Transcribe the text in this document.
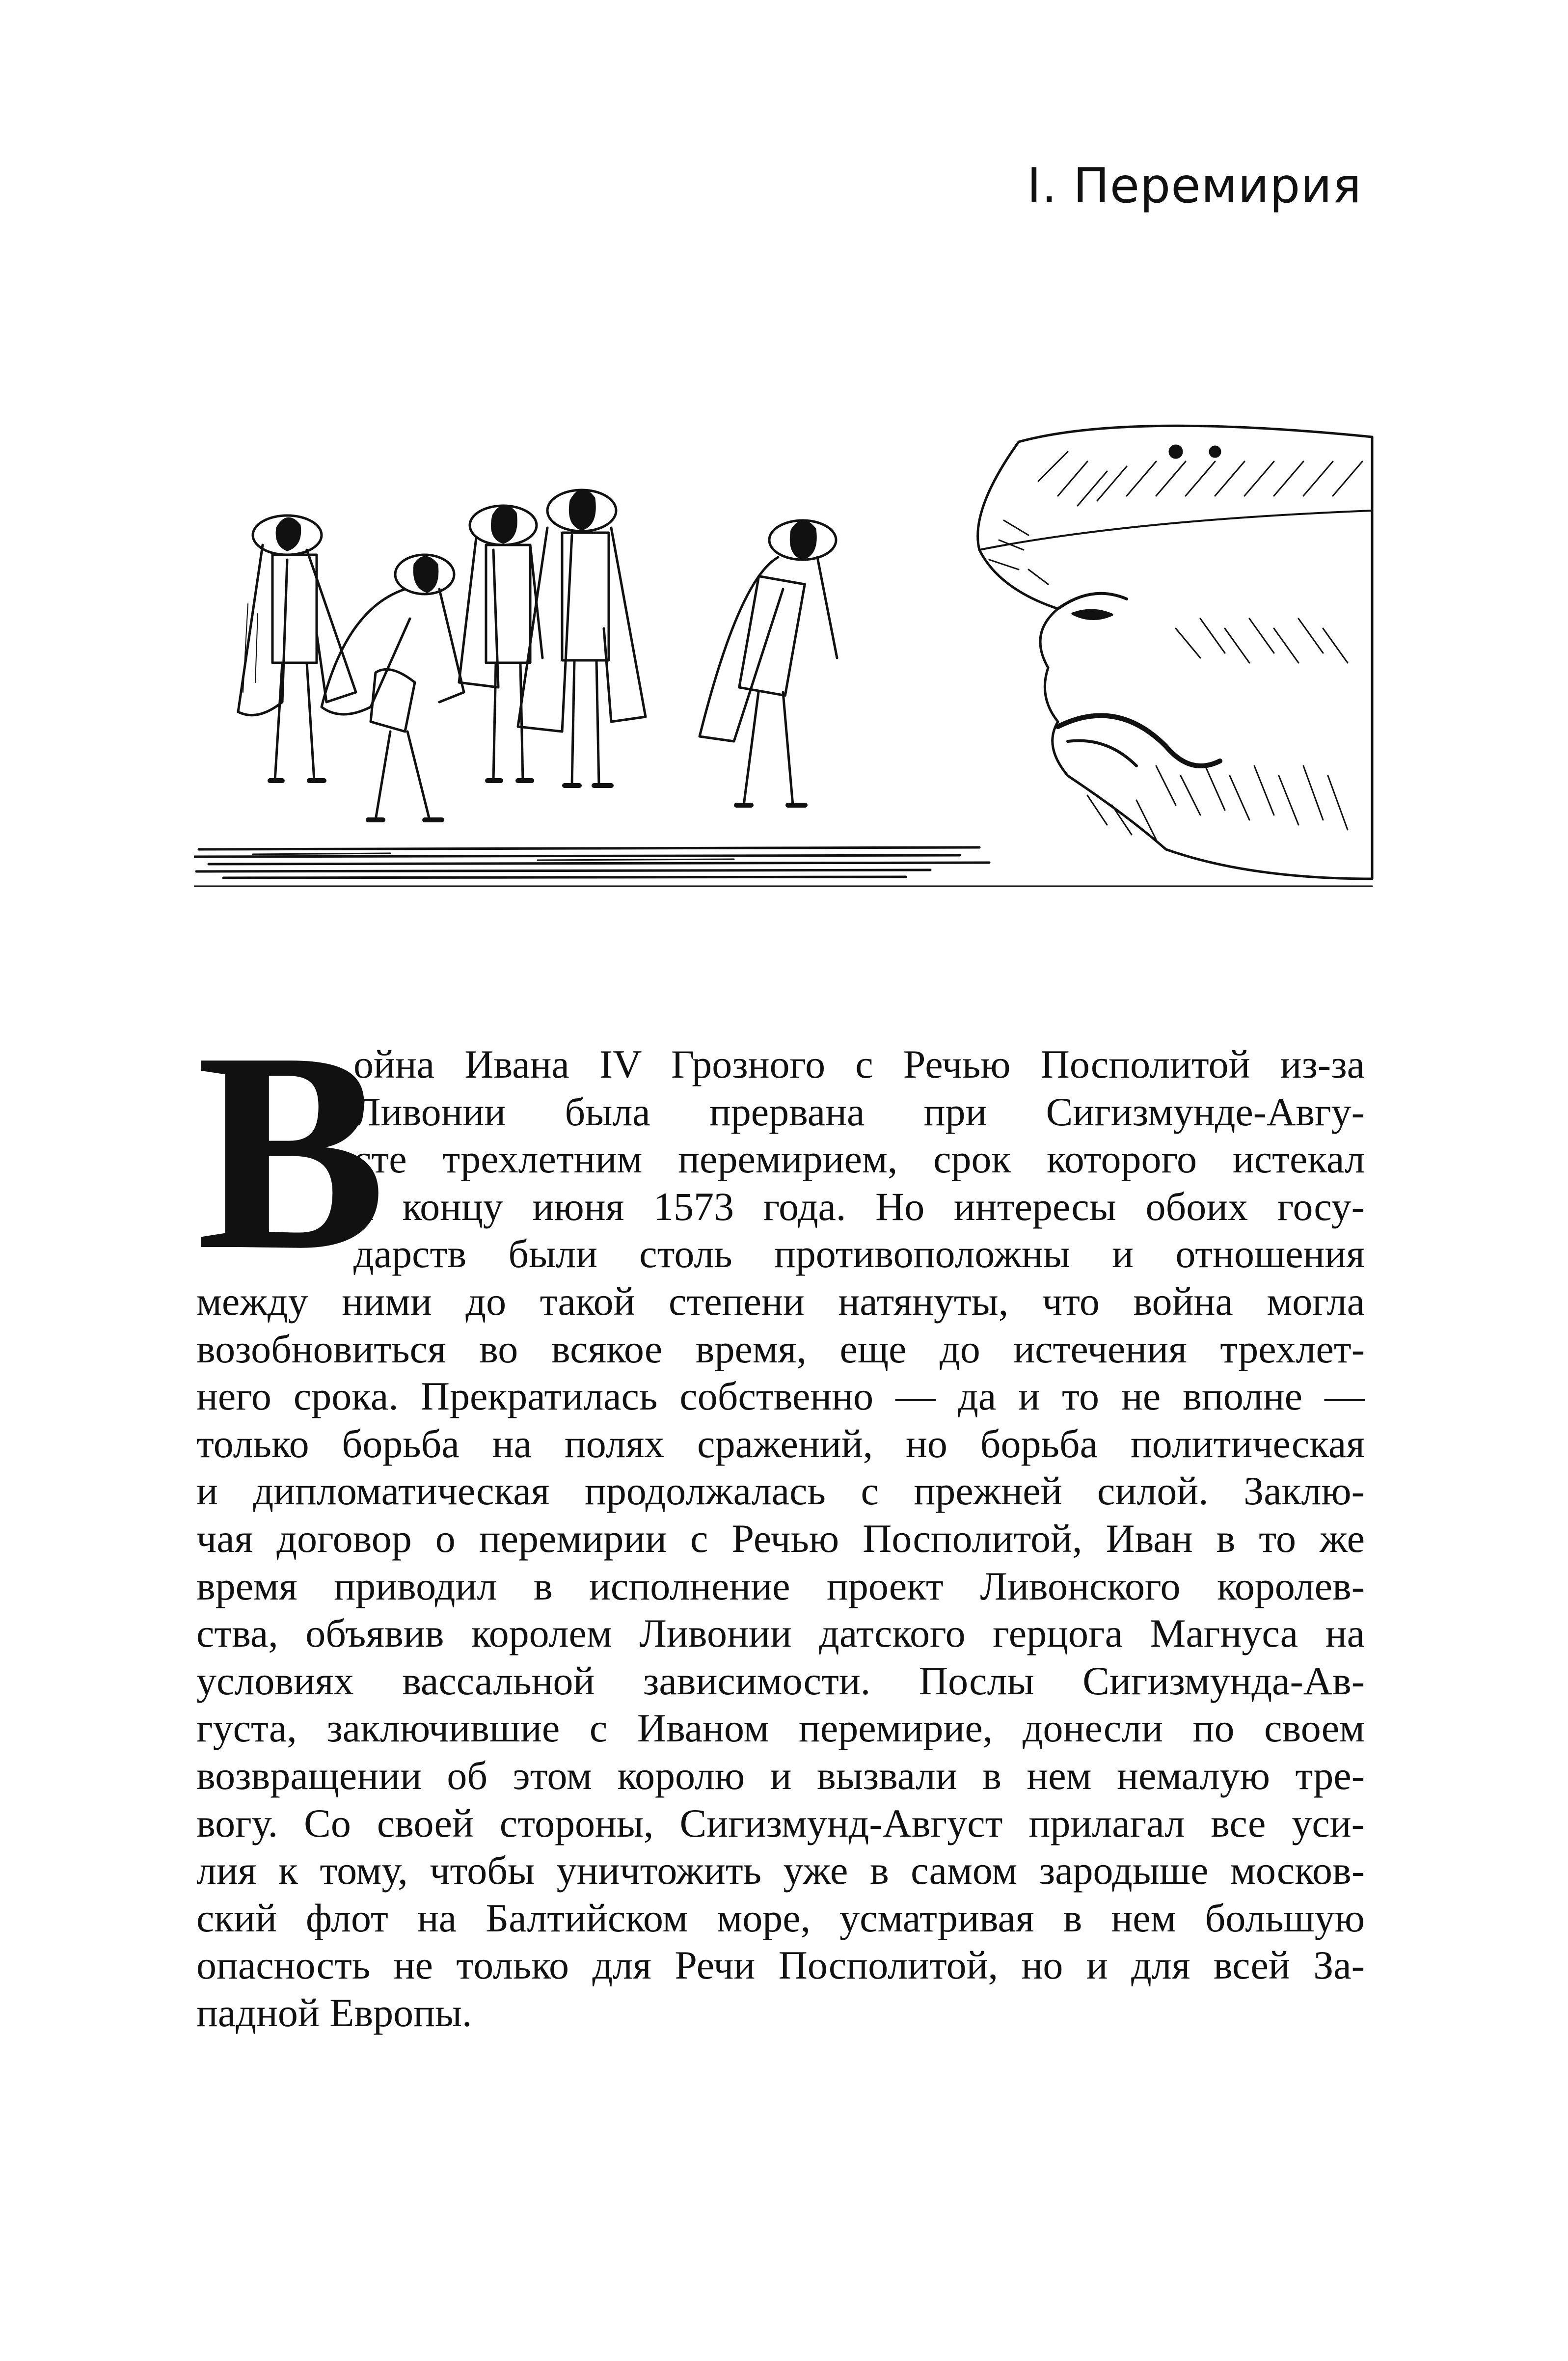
I. Перемирия
В
ойна Ивана IV Грозного с Речью Посполитой из-за
Ливонии была прервана при Сигизмунде-Авгу-
сте трехлетним перемирием, срок которого истекал
к концу июня 1573 года. Но интересы обоих госу-
дарств были столь противоположны и отношения
между ними до такой степени натянуты, что война могла
возобновиться во всякое время, еще до истечения трехлет-
него срока. Прекратилась собственно — да и то не вполне —
только борьба на полях сражений, но борьба политическая
и дипломатическая продолжалась с прежней силой. Заклю-
чая договор о перемирии с Речью Посполитой, Иван в то же
время приводил в исполнение проект Ливонского королев-
ства, объявив королем Ливонии датского герцога Магнуса на
условиях вассальной зависимости. Послы Сигизмунда-Ав-
густа, заключившие с Иваном перемирие, донесли по своем
возвращении об этом королю и вызвали в нем немалую тре-
вогу. Со своей стороны, Сигизмунд-Август прилагал все уси-
лия к тому, чтобы уничтожить уже в самом зародыше москов-
ский флот на Балтийском море, усматривая в нем большую
опасность не только для Речи Посполитой, но и для всей За-
падной Европы.
